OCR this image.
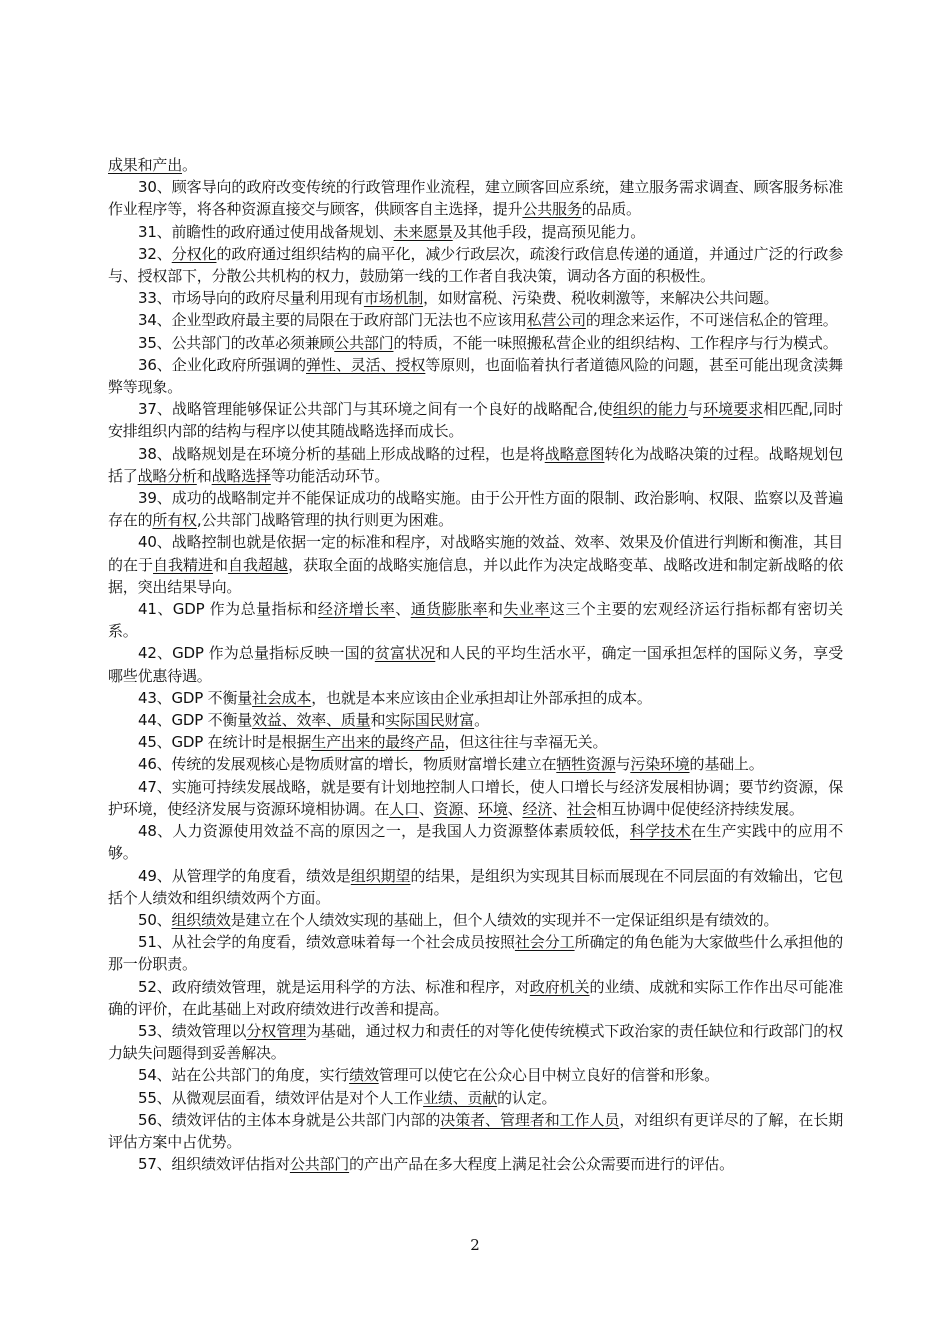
成果和产出。

30、顾客导向的政府改变传统的行政管理作业流程，建立顾客回应系统，建立服务需求调查、顾客服务标准作业程序等，将各种资源直接交与顾客，供顾客自主选择，提升公共服务的品质。

31、前瞻性的政府通过使用战备规划、未来愿景及其他手段，提高预见能力。

32、分权化的政府通过组织结构的扁平化，减少行政层次，疏浚行政信息传递的通道，并通过广泛的行政参与、授权部下，分散公共机构的权力，鼓励第一线的工作者自我决策，调动各方面的积极性。

33、市场导向的政府尽量利用现有市场机制，如财富税、污染费、税收刺激等，来解决公共问题。

34、企业型政府最主要的局限在于政府部门无法也不应该用私营公司的理念来运作，不可迷信私企的管理。

35、公共部门的改革必须兼顾公共部门的特质，不能一味照搬私营企业的组织结构、工作程序与行为模式。

36、企业化政府所强调的弹性、灵活、授权等原则，也面临着执行者道德风险的问题，甚至可能出现贪渎舞弊等现象。

37、战略管理能够保证公共部门与其环境之间有一个良好的战略配合,使组织的能力与环境要求相匹配,同时安排组织内部的结构与程序以使其随战略选择而成长。

38、战略规划是在环境分析的基础上形成战略的过程，也是将战略意图转化为战略决策的过程。战略规划包括了战略分析和战略选择等功能活动环节。

39、成功的战略制定并不能保证成功的战略实施。由于公开性方面的限制、政治影响、权限、监察以及普遍存在的所有权,公共部门战略管理的执行则更为困难。

40、战略控制也就是依据一定的标准和程序，对战略实施的效益、效率、效果及价值进行判断和衡准，其目的在于自我精进和自我超越，获取全面的战略实施信息，并以此作为决定战略变革、战略改进和制定新战略的依据，突出结果导向。

41、GDP 作为总量指标和经济增长率、通货膨胀率和失业率这三个主要的宏观经济运行指标都有密切关系。

42、GDP 作为总量指标反映一国的贫富状况和人民的平均生活水平，确定一国承担怎样的国际义务，享受哪些优惠待遇。

43、GDP 不衡量社会成本，也就是本来应该由企业承担却让外部承担的成本。

44、GDP 不衡量效益、效率、质量和实际国民财富。

45、GDP 在统计时是根据生产出来的最终产品，但这往往与幸福无关。

46、传统的发展观核心是物质财富的增长，物质财富增长建立在牺牲资源与污染环境的基础上。

47、实施可持续发展战略，就是要有计划地控制人口增长，使人口增长与经济发展相协调；要节约资源，保护环境，使经济发展与资源环境相协调。在人口、资源、环境、经济、社会相互协调中促使经济持续发展。

48、人力资源使用效益不高的原因之一，是我国人力资源整体素质较低，科学技术在生产实践中的应用不够。

49、从管理学的角度看，绩效是组织期望的结果，是组织为实现其目标而展现在不同层面的有效输出，它包括个人绩效和组织绩效两个方面。

50、组织绩效是建立在个人绩效实现的基础上，但个人绩效的实现并不一定保证组织是有绩效的。

51、从社会学的角度看，绩效意味着每一个社会成员按照社会分工所确定的角色能为大家做些什么承担他的那一份职责。

52、政府绩效管理，就是运用科学的方法、标准和程序，对政府机关的业绩、成就和实际工作作出尽可能准确的评价，在此基础上对政府绩效进行改善和提高。

53、绩效管理以分权管理为基础，通过权力和责任的对等化使传统模式下政治家的责任缺位和行政部门的权力缺失问题得到妥善解决。

54、站在公共部门的角度，实行绩效管理可以使它在公众心目中树立良好的信誉和形象。

55、从微观层面看，绩效评估是对个人工作业绩、贡献的认定。

56、绩效评估的主体本身就是公共部门内部的决策者、管理者和工作人员，对组织有更详尽的了解，在长期评估方案中占优势。

57、组织绩效评估指对公共部门的产出产品在多大程度上满足社会公众需要而进行的评估。

2
